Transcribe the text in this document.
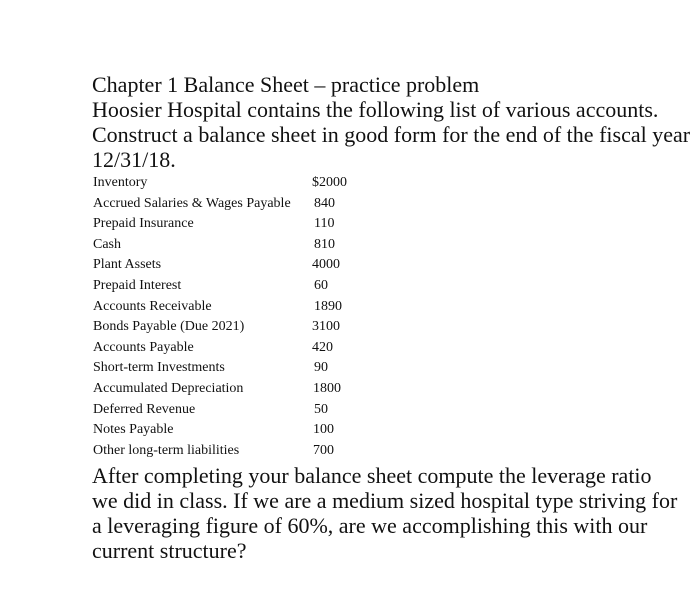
Chapter 1 Balance Sheet – practice problem

Hoosier Hospital contains the following list of various accounts. Construct a balance sheet in good form for the end of the fiscal year 12/31/18.

Inventory	$2000
Accrued Salaries & Wages Payable 840
Prepaid Insurance	110
Cash	810
Plant Assets	4000
Prepaid Interest	60
Accounts Receivable	1890
Bonds Payable (Due 2021)	3100
Accounts Payable	420
Short-term Investments	90
Accumulated Depreciation	1800
Deferred Revenue	50
Notes Payable	100
Other long-term liabilities	700

After completing your balance sheet compute the leverage ratio we did in class. If we are a medium sized hospital type striving for a leveraging figure of 60%, are we accomplishing this with our current structure?
